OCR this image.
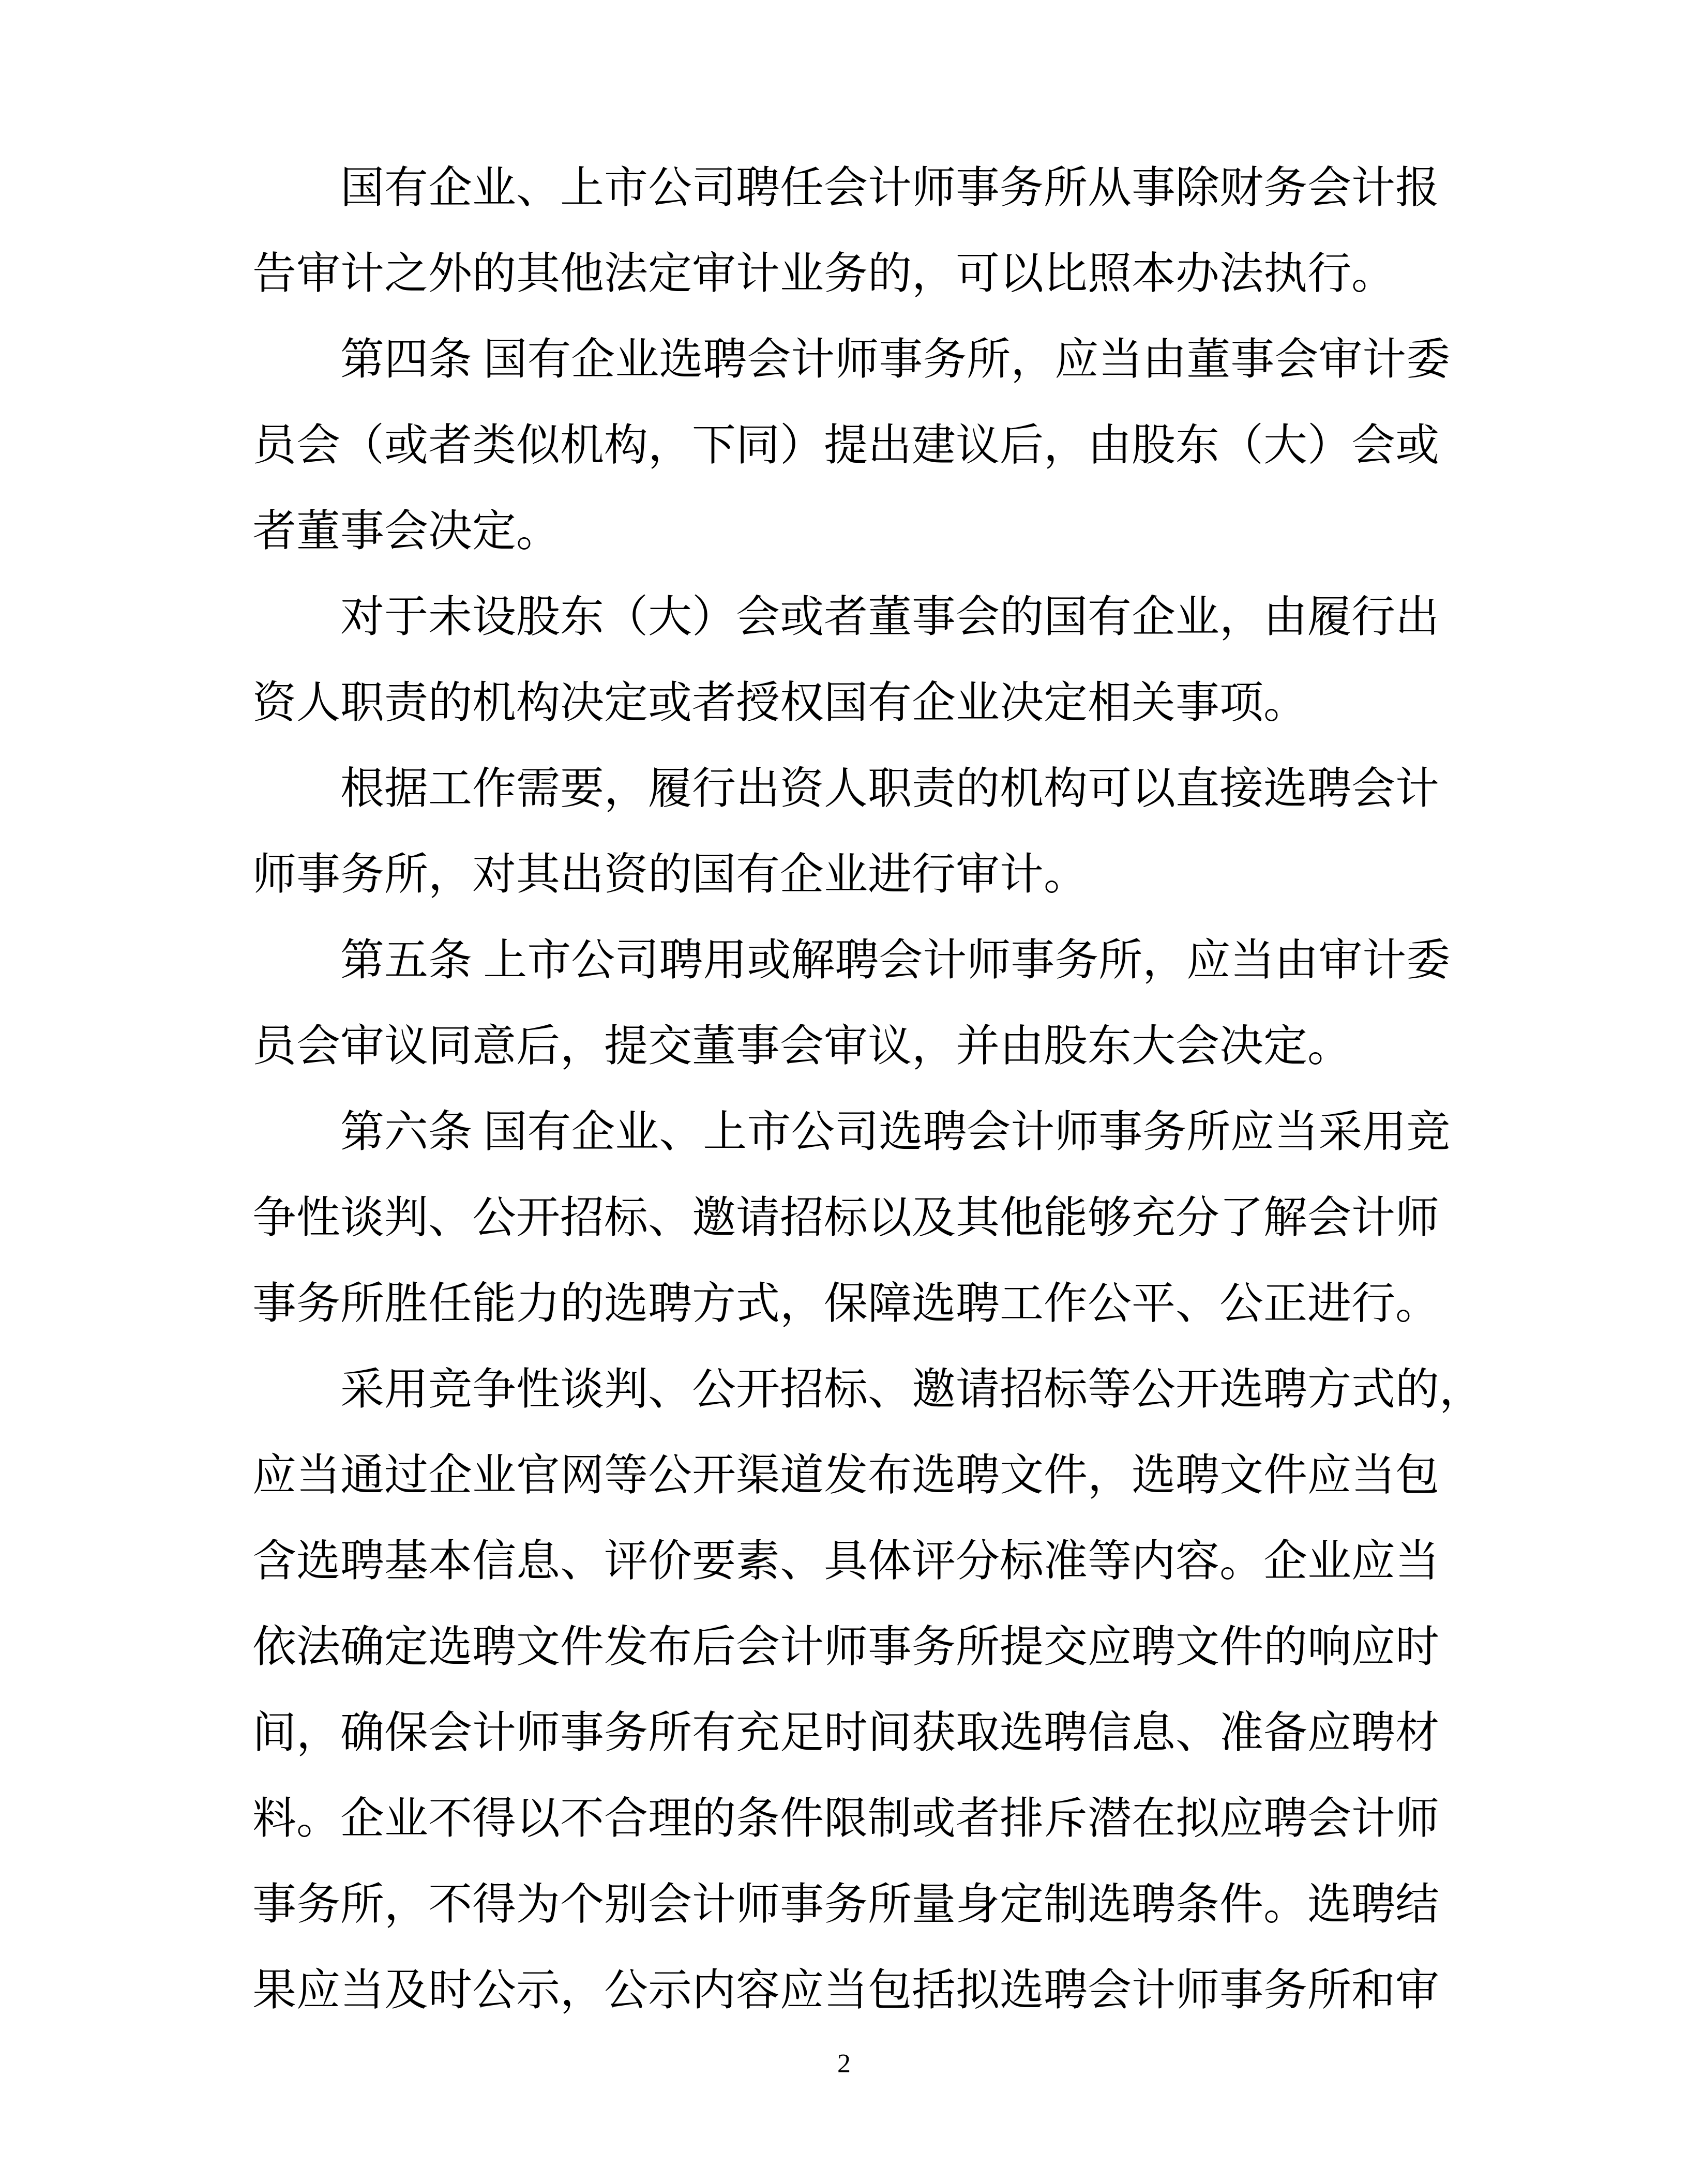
国有企业、上市公司聘任会计师事务所从事除财务会计报
告审计之外的其他法定审计业务的，可以比照本办法执行。
第四条 国有企业选聘会计师事务所，应当由董事会审计委
员会（或者类似机构，下同）提出建议后，由股东（大）会或
者董事会决定。
对于未设股东（大）会或者董事会的国有企业，由履行出
资人职责的机构决定或者授权国有企业决定相关事项。
根据工作需要，履行出资人职责的机构可以直接选聘会计
师事务所，对其出资的国有企业进行审计。
第五条 上市公司聘用或解聘会计师事务所，应当由审计委
员会审议同意后，提交董事会审议，并由股东大会决定。
第六条 国有企业、上市公司选聘会计师事务所应当采用竞
争性谈判、公开招标、邀请招标以及其他能够充分了解会计师
事务所胜任能力的选聘方式，保障选聘工作公平、公正进行。
采用竞争性谈判、公开招标、邀请招标等公开选聘方式的，
应当通过企业官网等公开渠道发布选聘文件，选聘文件应当包
含选聘基本信息、评价要素、具体评分标准等内容。企业应当
依法确定选聘文件发布后会计师事务所提交应聘文件的响应时
间，确保会计师事务所有充足时间获取选聘信息、准备应聘材
料。企业不得以不合理的条件限制或者排斥潜在拟应聘会计师
事务所，不得为个别会计师事务所量身定制选聘条件。选聘结
果应当及时公示，公示内容应当包括拟选聘会计师事务所和审
2
